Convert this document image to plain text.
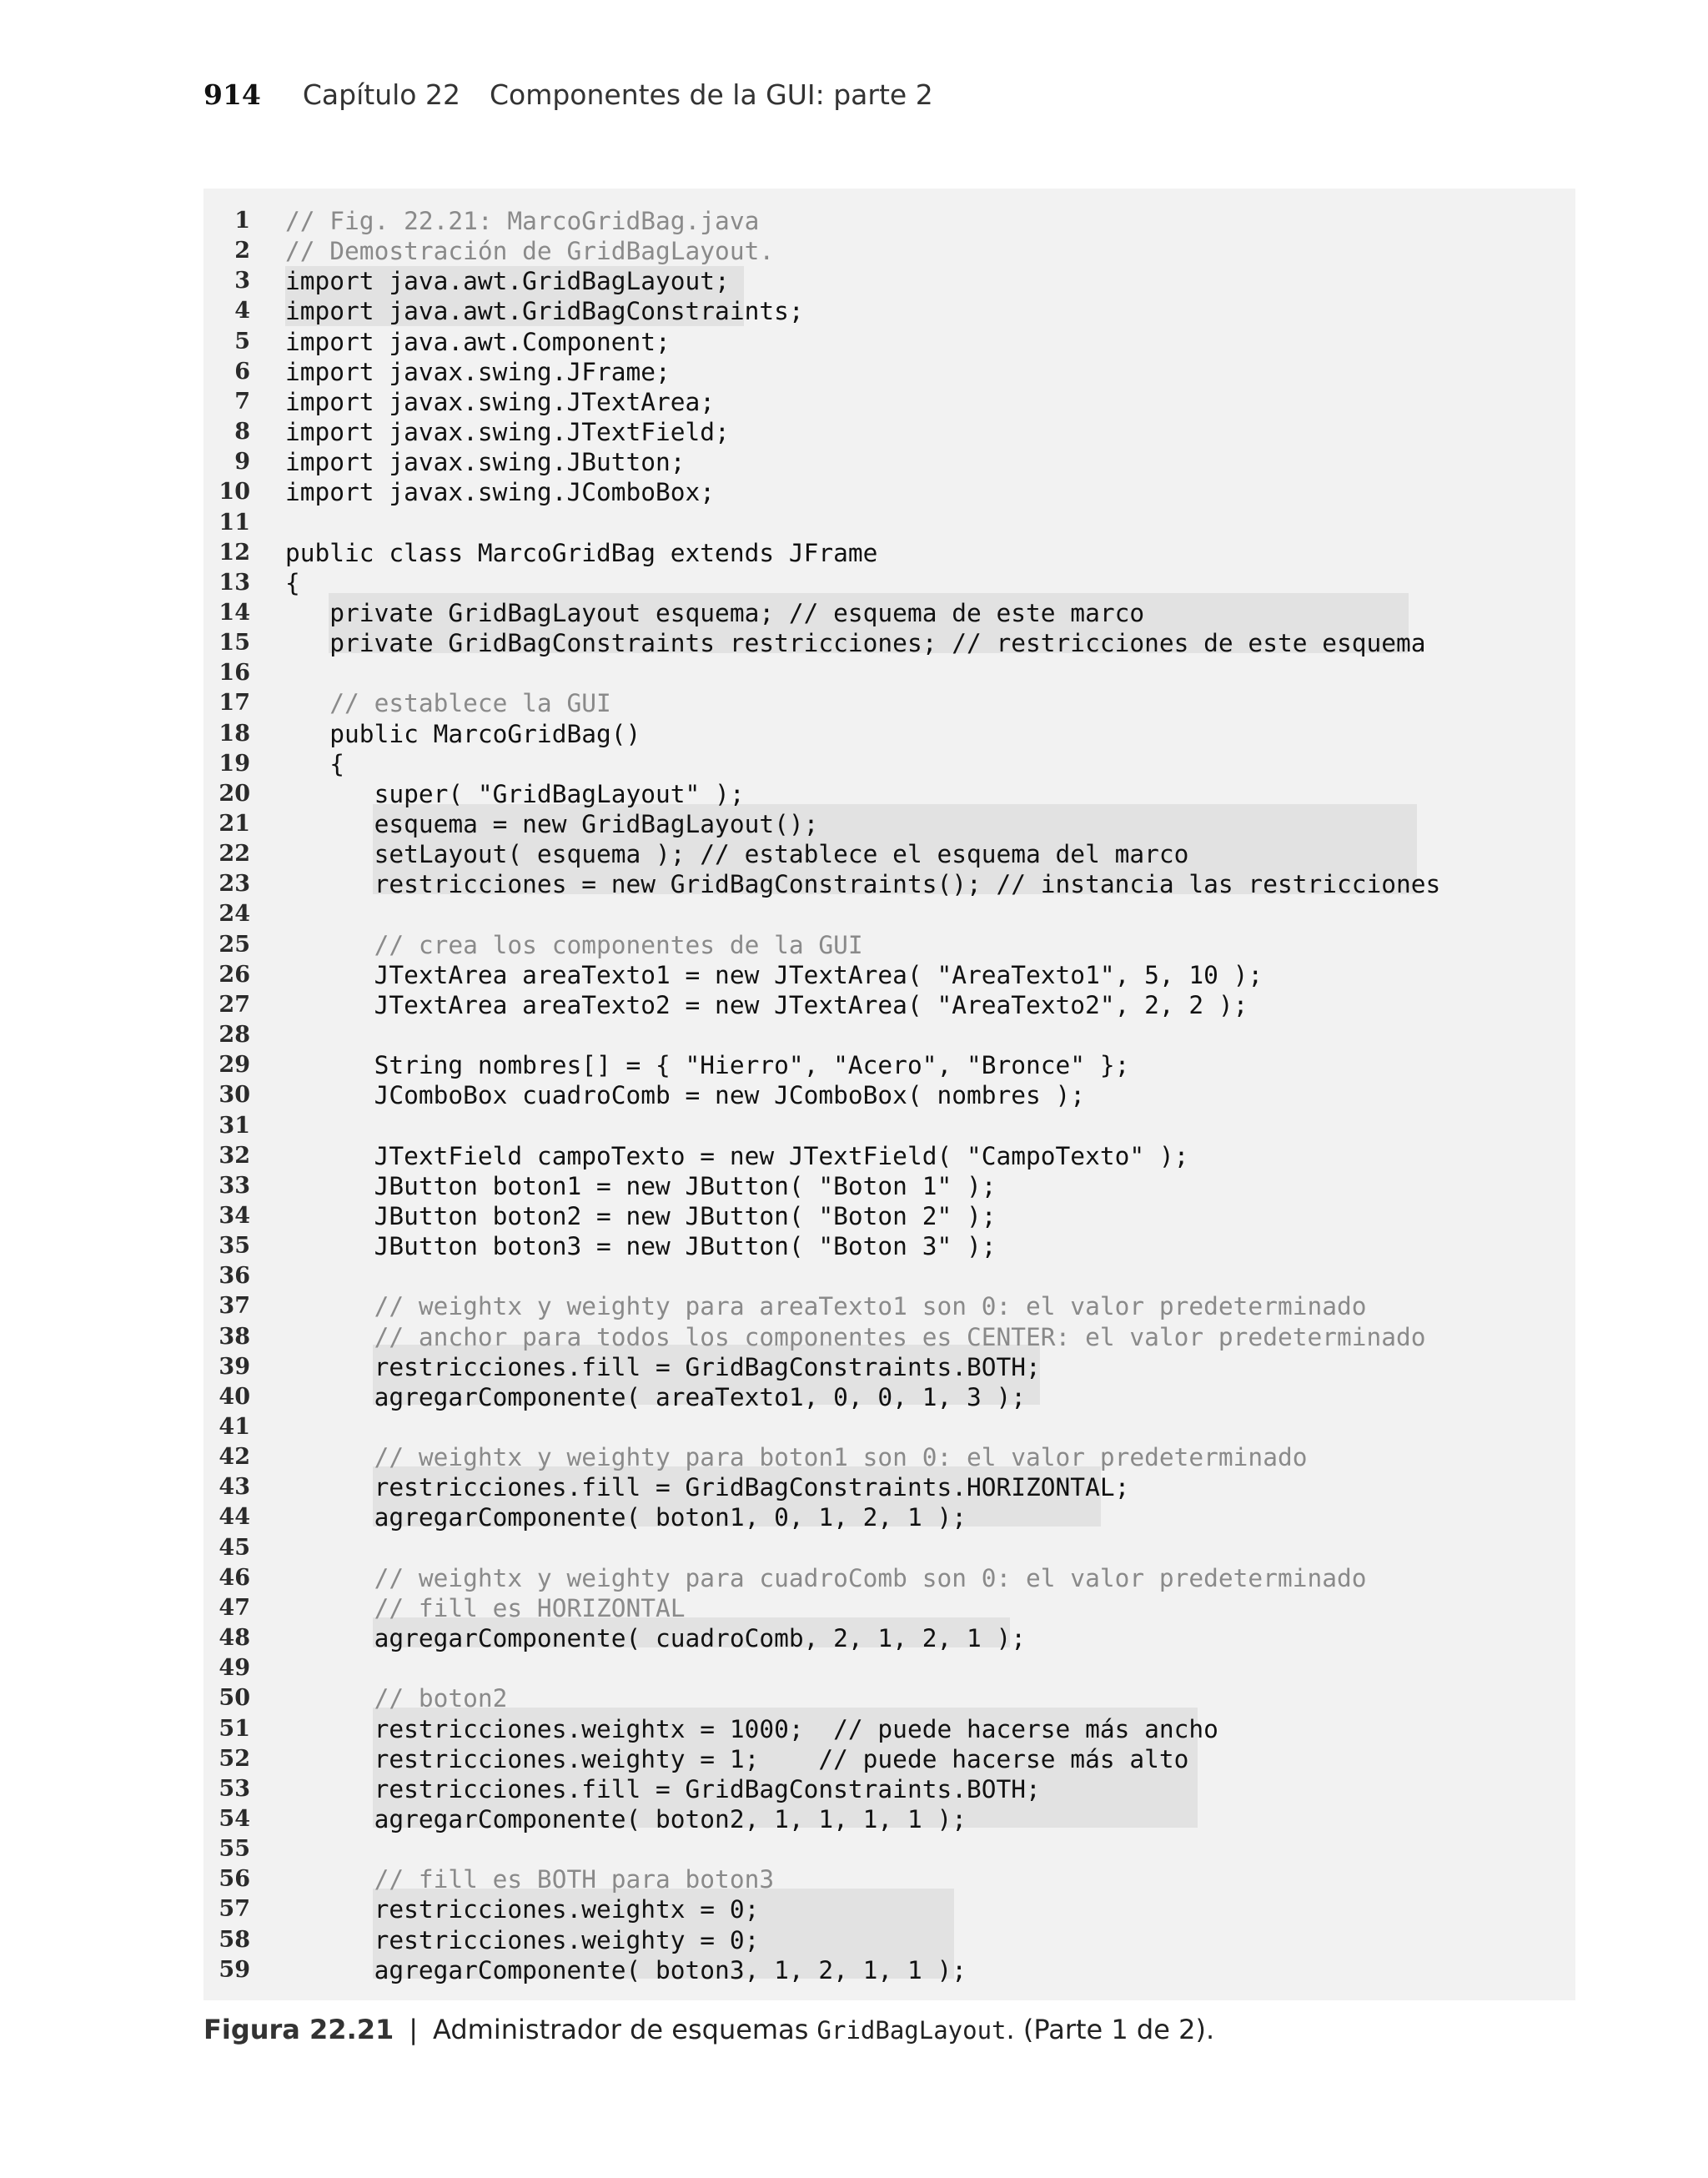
914 Capítulo 22 Componentes de la GUI: parte 2
1 // Fig. 22.21: MarcoGridBag.java
2 // Demostración de GridBagLayout.
3 import java.awt.GridBagLayout;
4 import java.awt.GridBagConstraints;
5 import java.awt.Component;
6 import javax.swing.JFrame;
7 import javax.swing.JTextArea;
8 import javax.swing.JTextField;
9 import javax.swing.JButton;
10 import javax.swing.JComboBox;
11
12 public class MarcoGridBag extends JFrame
13 {
14 private GridBagLayout esquema; // esquema de este marco
15 private GridBagConstraints restricciones; // restricciones de este esquema
16
17 // establece la GUI
18 public MarcoGridBag()
19 {
20 super( "GridBagLayout" );
21 esquema = new GridBagLayout();
22 setLayout( esquema ); // establece el esquema del marco
23 restricciones = new GridBagConstraints(); // instancia las restricciones
24
25 // crea los componentes de la GUI
26 JTextArea areaTexto1 = new JTextArea( "AreaTexto1", 5, 10 );
27 JTextArea areaTexto2 = new JTextArea( "AreaTexto2", 2, 2 );
28
29 String nombres[] = { "Hierro", "Acero", "Bronce" };
30 JComboBox cuadroComb = new JComboBox( nombres );
31
32 JTextField campoTexto = new JTextField( "CampoTexto" );
33 JButton boton1 = new JButton( "Boton 1" );
34 JButton boton2 = new JButton( "Boton 2" );
35 JButton boton3 = new JButton( "Boton 3" );
36
37 // weightx y weighty para areaTexto1 son 0: el valor predeterminado
38 // anchor para todos los componentes es CENTER: el valor predeterminado
39 restricciones.fill = GridBagConstraints.BOTH;
40 agregarComponente( areaTexto1, 0, 0, 1, 3 );
41
42 // weightx y weighty para boton1 son 0: el valor predeterminado
43 restricciones.fill = GridBagConstraints.HORIZONTAL;
44 agregarComponente( boton1, 0, 1, 2, 1 );
45
46 // weightx y weighty para cuadroComb son 0: el valor predeterminado
47 // fill es HORIZONTAL
48 agregarComponente( cuadroComb, 2, 1, 2, 1 );
49
50 // boton2
51 restricciones.weightx = 1000;  // puede hacerse más ancho
52 restricciones.weighty = 1;    // puede hacerse más alto
53 restricciones.fill = GridBagConstraints.BOTH;
54 agregarComponente( boton2, 1, 1, 1, 1 );
55
56 // fill es BOTH para boton3
57 restricciones.weightx = 0;
58 restricciones.weighty = 0;
59 agregarComponente( boton3, 1, 2, 1, 1 );
Figura 22.21 | Administrador de esquemas GridBagLayout. (Parte 1 de 2).
